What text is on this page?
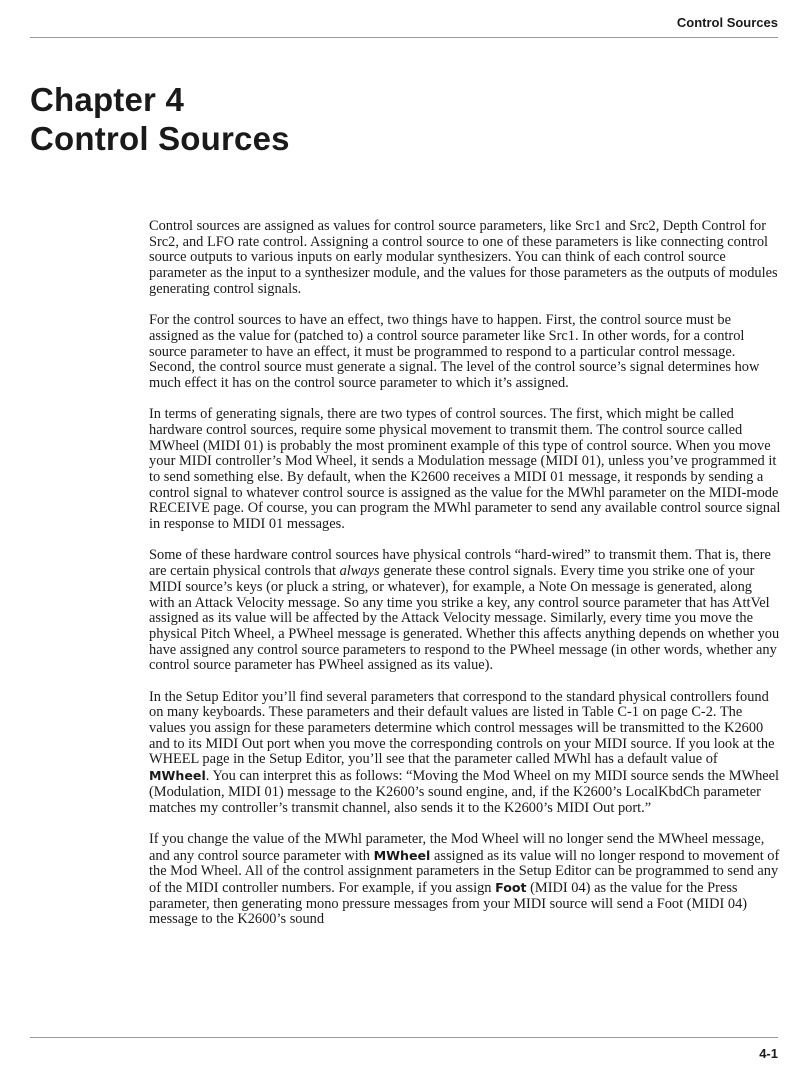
Control Sources
Chapter 4
Control Sources

Control sources are assigned as values for control source parameters, like Src1 and Src2, Depth Control for Src2, and LFO rate control. Assigning a control source to one of these parameters is like connecting control source outputs to various inputs on early modular synthesizers. You can think of each control source parameter as the input to a synthesizer module, and the values for those parameters as the outputs of modules generating control signals.

For the control sources to have an effect, two things have to happen. First, the control source must be assigned as the value for (patched to) a control source parameter like Src1. In other words, for a control source parameter to have an effect, it must be programmed to respond to a particular control message. Second, the control source must generate a signal. The level of the control source’s signal determines how much effect it has on the control source parameter to which it’s assigned.

In terms of generating signals, there are two types of control sources. The first, which might be called hardware control sources, require some physical movement to transmit them. The control source called MWheel (MIDI 01) is probably the most prominent example of this type of control source. When you move your MIDI controller’s Mod Wheel, it sends a Modulation message (MIDI 01), unless you’ve programmed it to send something else. By default, when the K2600 receives a MIDI 01 message, it responds by sending a control signal to whatever control source is assigned as the value for the MWhl parameter on the MIDI-mode RECEIVE page. Of course, you can program the MWhl parameter to send any available control source signal in response to MIDI 01 messages.

Some of these hardware control sources have physical controls “hard-wired” to transmit them. That is, there are certain physical controls that always generate these control signals. Every time you strike one of your MIDI source’s keys (or pluck a string, or whatever), for example, a Note On message is generated, along with an Attack Velocity message. So any time you strike a key, any control source parameter that has AttVel assigned as its value will be affected by the Attack Velocity message. Similarly, every time you move the physical Pitch Wheel, a PWheel message is generated. Whether this affects anything depends on whether you have assigned any control source parameters to respond to the PWheel message (in other words, whether any control source parameter has PWheel assigned as its value).

In the Setup Editor you’ll find several parameters that correspond to the standard physical controllers found on many keyboards. These parameters and their default values are listed in Table C-1 on page C-2. The values you assign for these parameters determine which control messages will be transmitted to the K2600 and to its MIDI Out port when you move the corresponding controls on your MIDI source. If you look at the WHEEL page in the Setup Editor, you’ll see that the parameter called MWhl has a default value of MWheel. You can interpret this as follows: “Moving the Mod Wheel on my MIDI source sends the MWheel (Modulation, MIDI 01) message to the K2600’s sound engine, and, if the K2600’s LocalKbdCh parameter matches my controller’s transmit channel, also sends it to the K2600’s MIDI Out port.”

If you change the value of the MWhl parameter, the Mod Wheel will no longer send the MWheel message, and any control source parameter with MWheel assigned as its value will no longer respond to movement of the Mod Wheel. All of the control assignment parameters in the Setup Editor can be programmed to send any of the MIDI controller numbers. For example, if you assign Foot (MIDI 04) as the value for the Press parameter, then generating mono pressure messages from your MIDI source will send a Foot (MIDI 04) message to the K2600’s sound

4-1
